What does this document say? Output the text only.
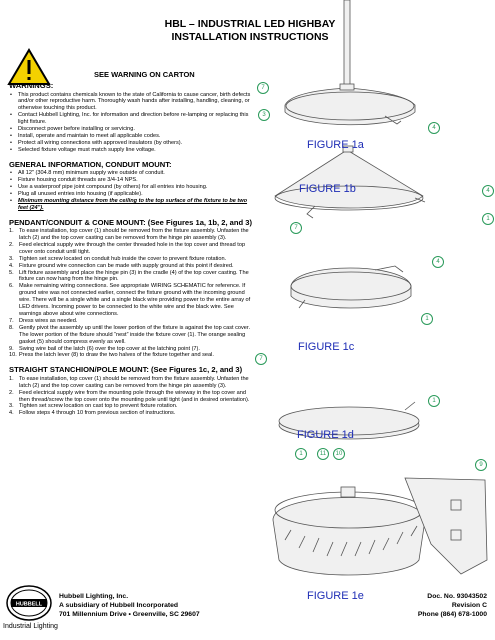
HBL – INDUSTRIAL LED HIGHBAY
INSTALLATION INSTRUCTIONS
SEE WARNING ON CARTON
WARNINGS:
• This product contains chemicals known to the state of California to cause cancer, birth defects and/or other reproductive harm. Thoroughly wash hands after installing, handling, cleaning, or otherwise touching this product.
• Contact Hubbell Lighting, Inc. for information and direction before re-lamping or replacing this light fixture.
• Disconnect power before installing or servicing.
• Install, operate and maintain to meet all applicable codes.
• Protect all wiring connections with approved insulators (by others).
• Selected fixture voltage must match supply line voltage.
GENERAL INFORMATION, CONDUIT MOUNT:
• All 12" (304.8 mm) minimum supply wire outside of conduit.
• Fixture housing conduit threads are 3/4-14 NPS.
• Use a waterproof pipe joint compound (by others) for all entries into housing.
• Plug all unused entries into housing (if applicable).
• Minimum mounting distance from the ceiling to the top surface of the fixture to be two feet (24").
PENDANT/CONDUIT & CONE MOUNT: (See Figures 1a, 1b, 2, and 3)
1. To ease installation, top cover (1) should be removed from the fixture assembly. Unfasten the latch (2) and the top cover casting can be removed from the hinge pin assembly (3).
2. Feed electrical supply wire through the center threaded hole in the top cover and thread top cover onto conduit until tight.
3. Tighten set screw located on conduit hub inside the cover to prevent fixture rotation.
4. Fixture ground wire connection can be made with supply ground at this point if desired.
5. Lift fixture assembly and place the hinge pin (3) in the cradle (4) of the top cover casting. The fixture can now hang from the hinge pin.
6. Make remaining wiring connections. See appropriate WIRING SCHEMATIC for reference. If ground wire was not connected earlier, connect the fixture ground with the incoming ground wire. There will be a single white and a single black wire providing power to the entire array of LED drivers. Incoming power to be connected to the white wire and the black wire. See warnings above about wire connections.
7. Dress wires as needed.
8. Gently pivot the assembly up until the lower portion of the fixture is against the top cast cover. The lower portion of the fixture should “nest” inside the fixture cover (1). The orange sealing gasket (5) should compress evenly as well.
9. Swing wire bail of the latch (6) over the top cover at the latching point (7).
10. Press the latch lever (8) to draw the two halves of the fixture together and seal.
STRAIGHT STANCHION/POLE MOUNT: (See Figures 1c, 2, and 3)
1. To ease installation, top cover (1) should be removed from the fixture assembly. Unfasten the latch (2) and the top cover casting can be removed from the hinge pin assembly (3).
2. Feed electrical supply wire from the mounting pole through the wireway in the top cover and then thread/screw the top cover onto the mounting pole until tight (and in desired orientation).
3. Tighten set screw location on cast top to prevent fixture rotation.
4. Follow steps 4 through 10 from previous section of instructions.
FIGURE 1a
FIGURE 1b
FIGURE 1c
FIGURE 1d
FIGURE 1e
7
3
4
4
1
7
4
1
7
1
1	11	10
9
HUBBELL
Industrial Lighting
Hubbell Lighting, Inc.
A subsidiary of Hubbell Incorporated
701 Millennium Drive • Greenville, SC 29607
Doc. No. 93043502
Revision C
Phone (864) 678-1000
